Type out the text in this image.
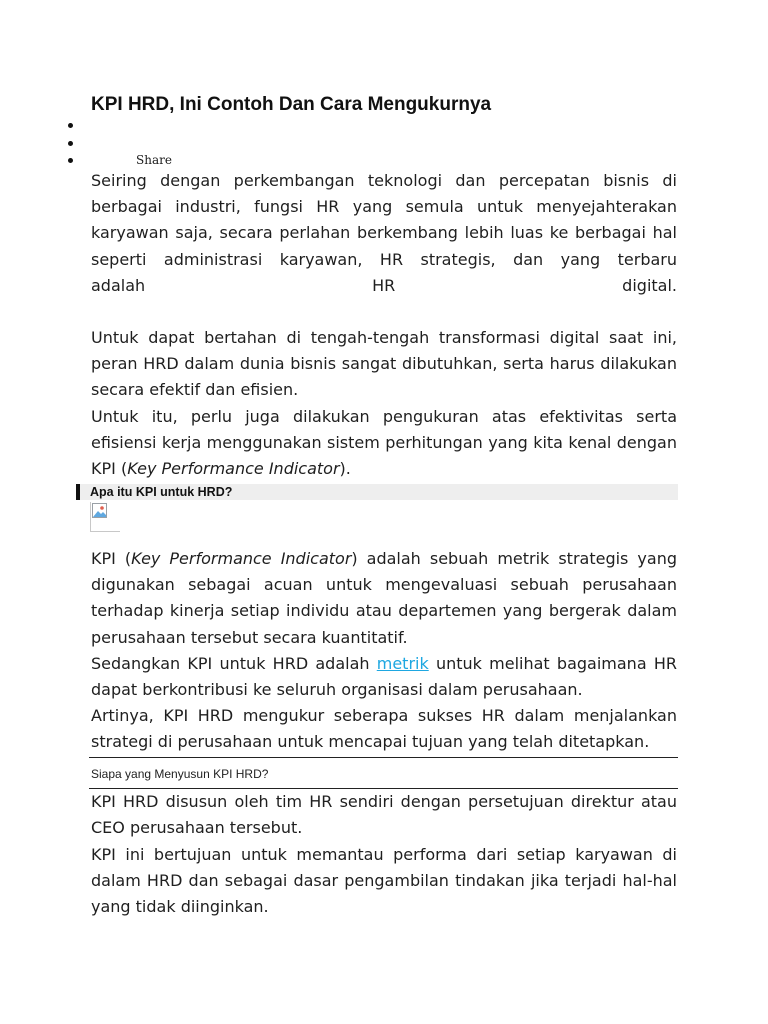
KPI HRD, Ini Contoh Dan Cara Mengukurnya
Share

Seiring dengan perkembangan teknologi dan percepatan bisnis di berbagai industri, fungsi HR yang semula untuk menyejahterakan karyawan saja, secara perlahan berkembang lebih luas ke berbagai hal seperti administrasi karyawan, HR strategis, dan yang terbaru

adalah HR digital.

Untuk dapat bertahan di tengah-tengah transformasi digital saat ini, peran HRD dalam dunia bisnis sangat dibutuhkan, serta harus dilakukan secara efektif dan efisien.

Untuk itu, perlu juga dilakukan pengukuran atas efektivitas serta efisiensi kerja menggunakan sistem perhitungan yang kita kenal dengan KPI (Key Performance Indicator).

Apa itu KPI untuk HRD?

KPI (Key Performance Indicator) adalah sebuah metrik strategis yang digunakan sebagai acuan untuk mengevaluasi sebuah perusahaan terhadap kinerja setiap individu atau departemen yang bergerak dalam perusahaan tersebut secara kuantitatif.

Sedangkan KPI untuk HRD adalah metrik untuk melihat bagaimana HR dapat berkontribusi ke seluruh organisasi dalam perusahaan.

Artinya, KPI HRD mengukur seberapa sukses HR dalam menjalankan strategi di perusahaan untuk mencapai tujuan yang telah ditetapkan.

Siapa yang Menyusun KPI HRD?

KPI HRD disusun oleh tim HR sendiri dengan persetujuan direktur atau CEO perusahaan tersebut.

KPI ini bertujuan untuk memantau performa dari setiap karyawan di dalam HRD dan sebagai dasar pengambilan tindakan jika terjadi hal-hal yang tidak diinginkan.
